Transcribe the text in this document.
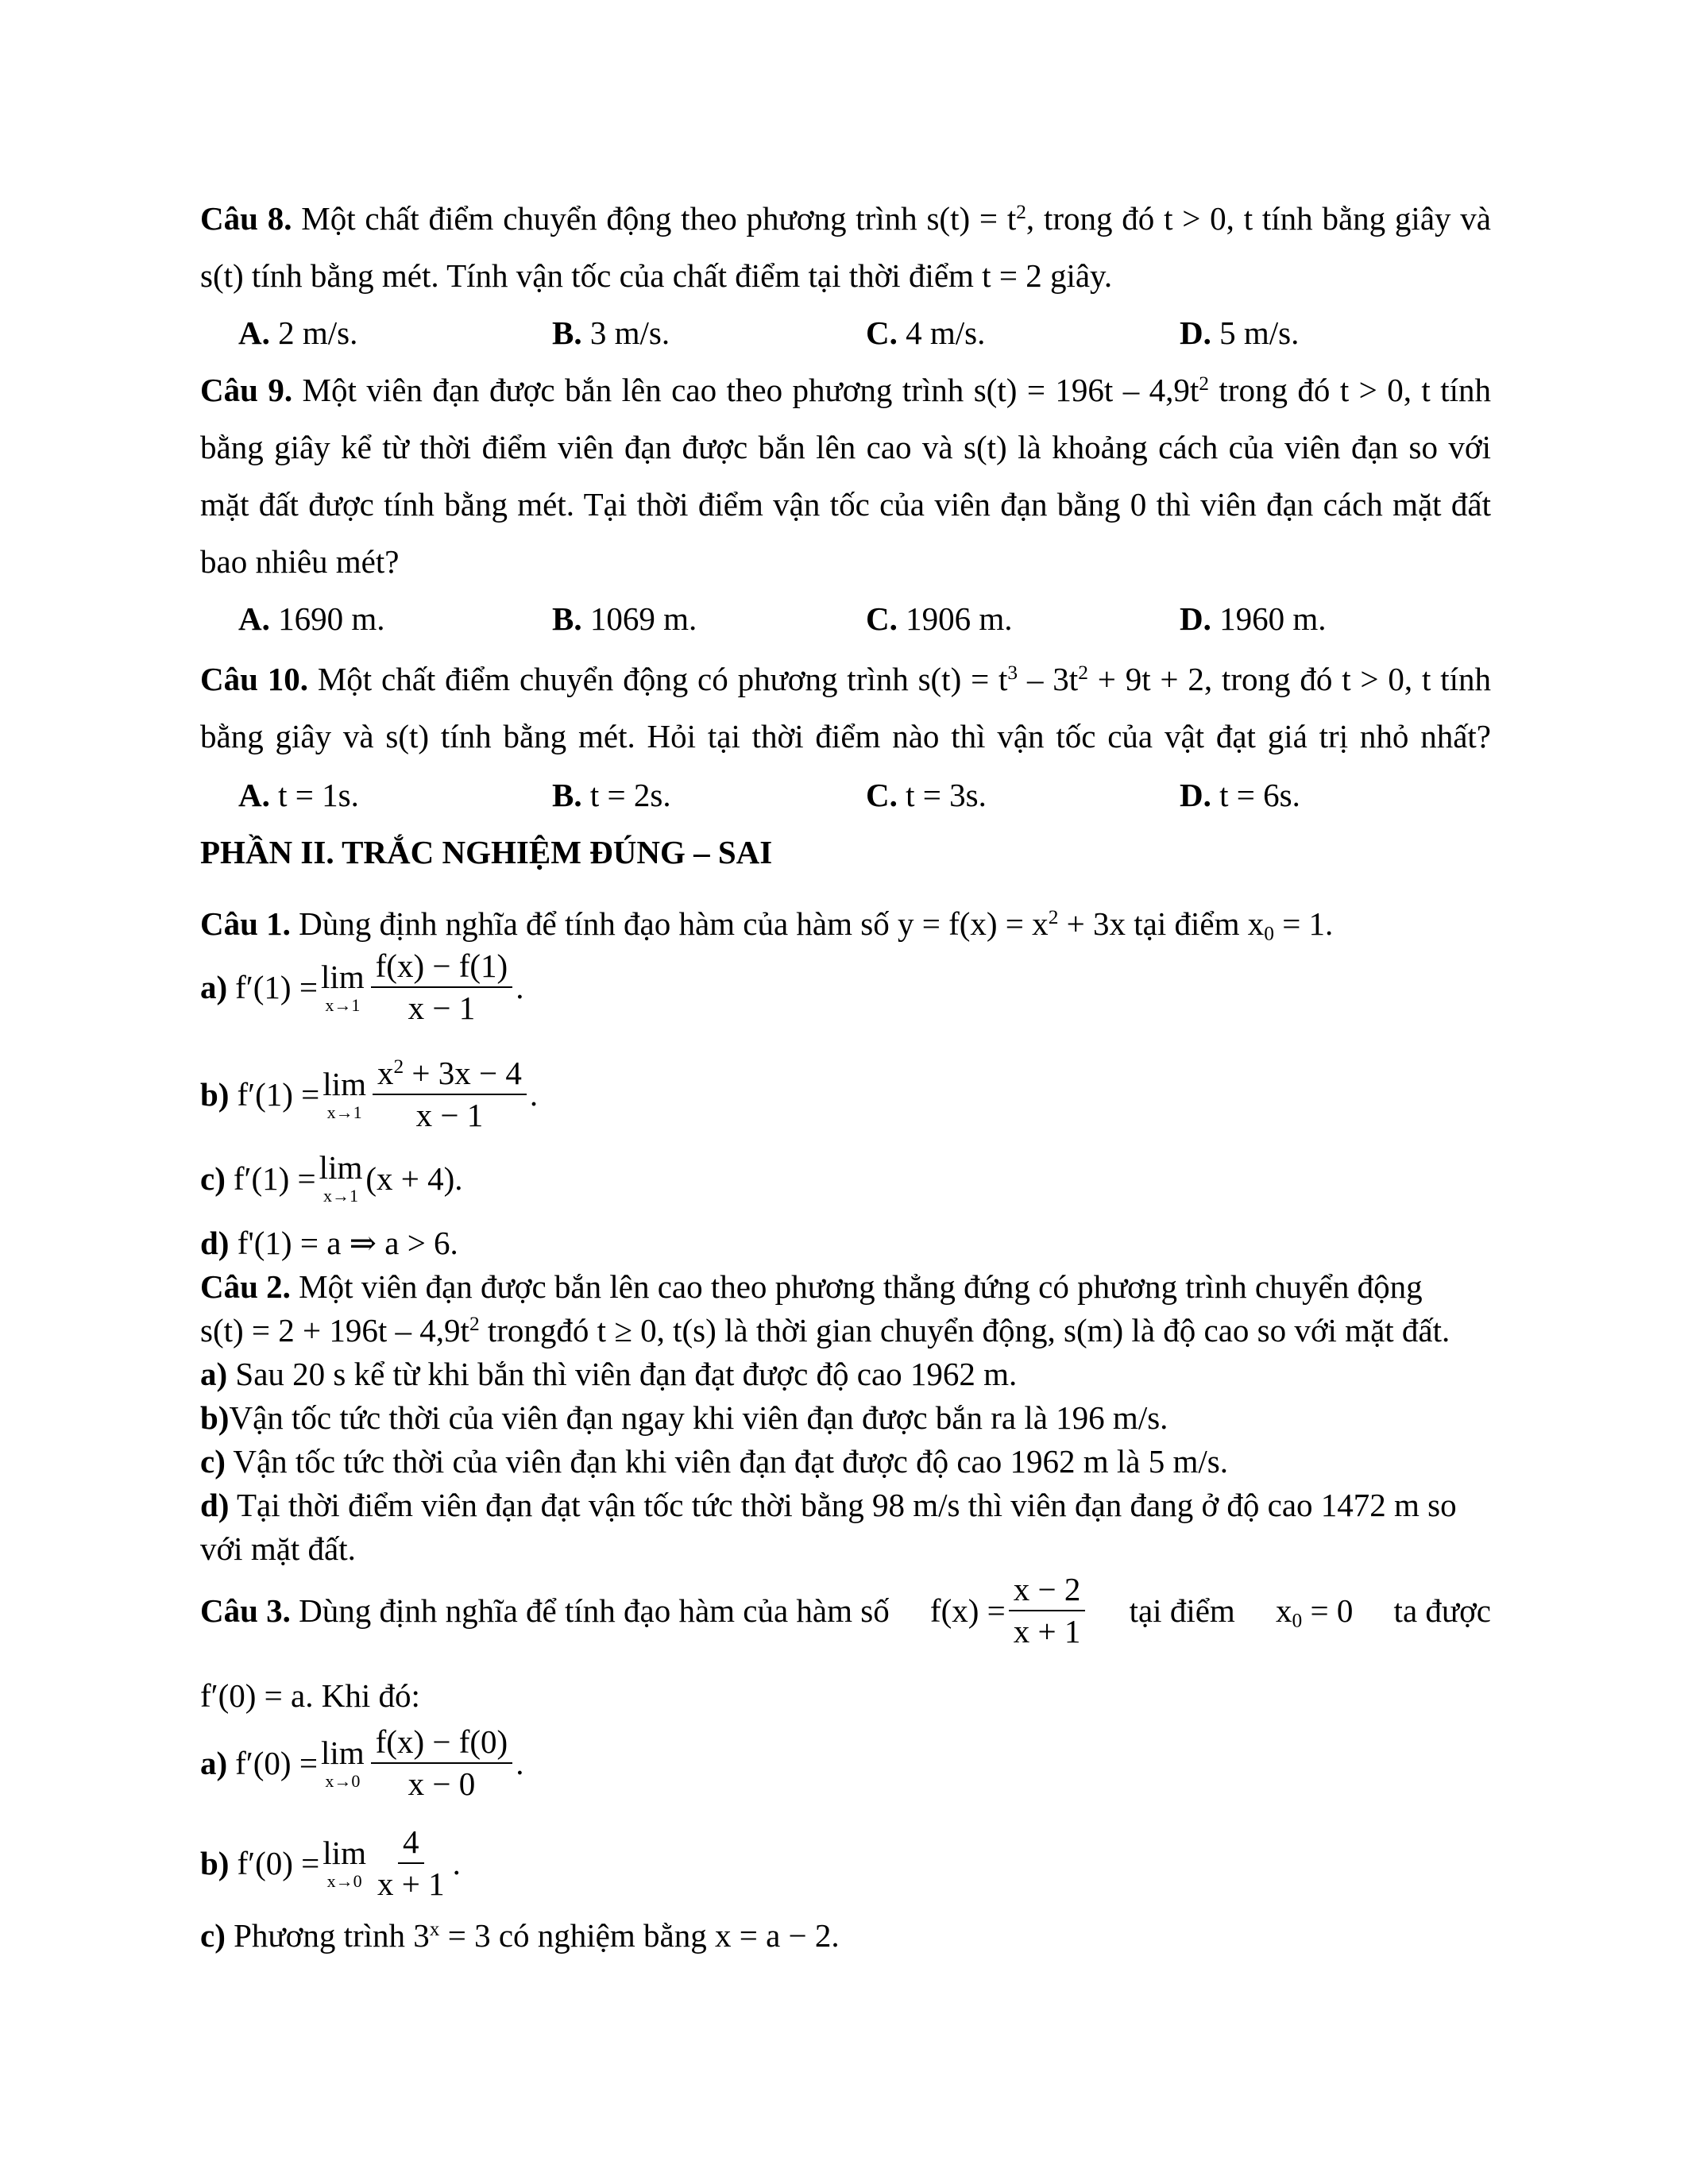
Câu 8. Một chất điểm chuyển động theo phương trình $s(t) = t^2$, trong đó t > 0, t tính bằng giây và
s(t) tính bằng mét. Tính vận tốc của chất điểm tại thời điểm t = 2 giây.
A. 2 m/s.	B. 3 m/s.	C. 4 m/s.	D. 5 m/s.
Câu 9. Một viên đạn được bắn lên cao theo phương trình $s(t) = 196t - 4,9t^2$ trong đó t > 0, t tính
bằng giây kể từ thời điểm viên đạn được bắn lên cao và s(t) là khoảng cách của viên đạn so với
mặt đất được tính bằng mét. Tại thời điểm vận tốc của viên đạn bằng 0 thì viên đạn cách mặt đất
bao nhiêu mét?
A. 1690 m.	B. 1069 m.	C. 1906 m.	D. 1960 m.
Câu 10. Một chất điểm chuyển động có phương trình $s(t) = t^3 - 3t^2 + 9t + 2$, trong đó t > 0, t tính
bằng giây và s(t) tính bằng mét. Hỏi tại thời điểm nào thì vận tốc của vật đạt giá trị nhỏ nhất?
A. t = 1s.	B. t = 2s.	C. t = 3s.	D. t = 6s.
PHẦN II. TRẮC NGHIỆM ĐÚNG – SAI
Câu 1. Dùng định nghĩa để tính đạo hàm của hàm số $y = f(x) = x^2 + 3x$ tại điểm $x_0 = 1$.
a) f′(1) = lim
$x\to 1 \frac{f(x) - f(1)}{x - 1}$ .
b) f′(1) = lim
$x\to 1 \frac{x^2 + 3x - 4}{x - 1}$ .
c) f′(1) = lim
x→1 (x + 4) .
d) f'(1) = a ⇒ a > 6.
Câu 2. Một viên đạn được bắn lên cao theo phương thẳng đứng có phương trình chuyển động
$s(t) = 2 + 196t - 4,9t^2$ trongđó t ≥ 0, t(s) là thời gian chuyển động, s(m) là độ cao so với mặt đất.
a) Sau 20 s kể từ khi bắn thì viên đạn đạt được độ cao 1962 m.
b)Vận tốc tức thời của viên đạn ngay khi viên đạn được bắn ra là 196 m/s.
c) Vận tốc tức thời của viên đạn khi viên đạn đạt được độ cao 1962 m là 5 m/s.
d) Tại thời điểm viên đạn đạt vận tốc tức thời bằng 98 m/s thì viên đạn đang ở độ cao 1472 m so
với mặt đất.
Câu 3. Dùng định nghĩa để tính đạo hàm của hàm số $f(x) = \frac{x - 2}{x + 1}$ tại điểm $x_0 = 0$ ta được
f′(0) = a. Khi đó:
a) f′(0) = lim
$x\to 0 \frac{f(x) - f(0)}{x - 0}$ .
b) f′(0) = lim
$x\to 0 \frac{4}{x + 1}$ .
c) Phương trình $3^x = 3$ có nghiệm bằng x = a − 2.
